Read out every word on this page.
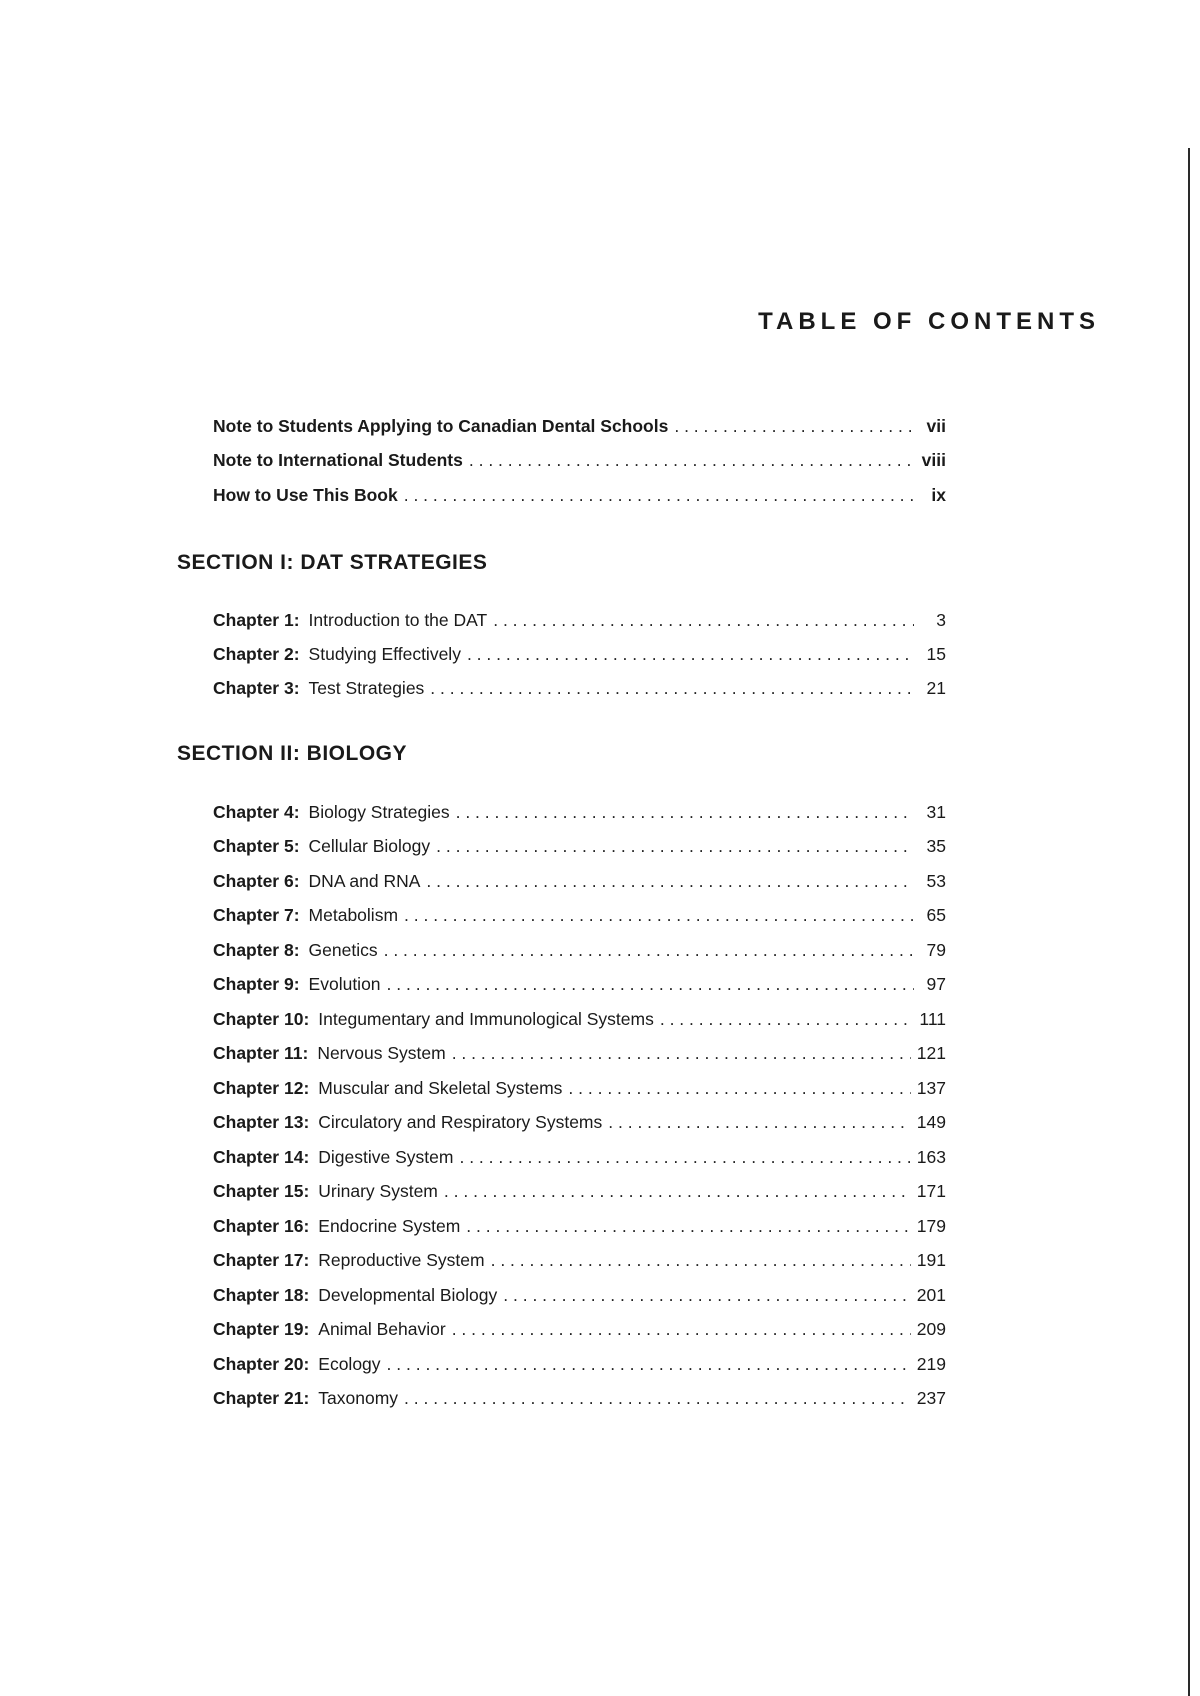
TABLE OF CONTENTS
Note to Students Applying to Canadian Dental Schools . . .	vii
Note to International Students . . .	viii
How to Use This Book . . .	ix
SECTION I: DAT STRATEGIES
Chapter 1: Introduction to the DAT . . .	3
Chapter 2: Studying Effectively . . .	15
Chapter 3: Test Strategies . . .	21
SECTION II: BIOLOGY
Chapter 4: Biology Strategies . . .	31
Chapter 5: Cellular Biology . . .	35
Chapter 6: DNA and RNA . . .	53
Chapter 7: Metabolism . . .	65
Chapter 8: Genetics . . .	79
Chapter 9: Evolution . . .	97
Chapter 10: Integumentary and Immunological Systems . . .	111
Chapter 11: Nervous System . . .	121
Chapter 12: Muscular and Skeletal Systems . . .	137
Chapter 13: Circulatory and Respiratory Systems . . .	149
Chapter 14: Digestive System . . .	163
Chapter 15: Urinary System . . .	171
Chapter 16: Endocrine System . . .	179
Chapter 17: Reproductive System . . .	191
Chapter 18: Developmental Biology . . .	201
Chapter 19: Animal Behavior . . .	209
Chapter 20: Ecology . . .	219
Chapter 21: Taxonomy . . .	237
